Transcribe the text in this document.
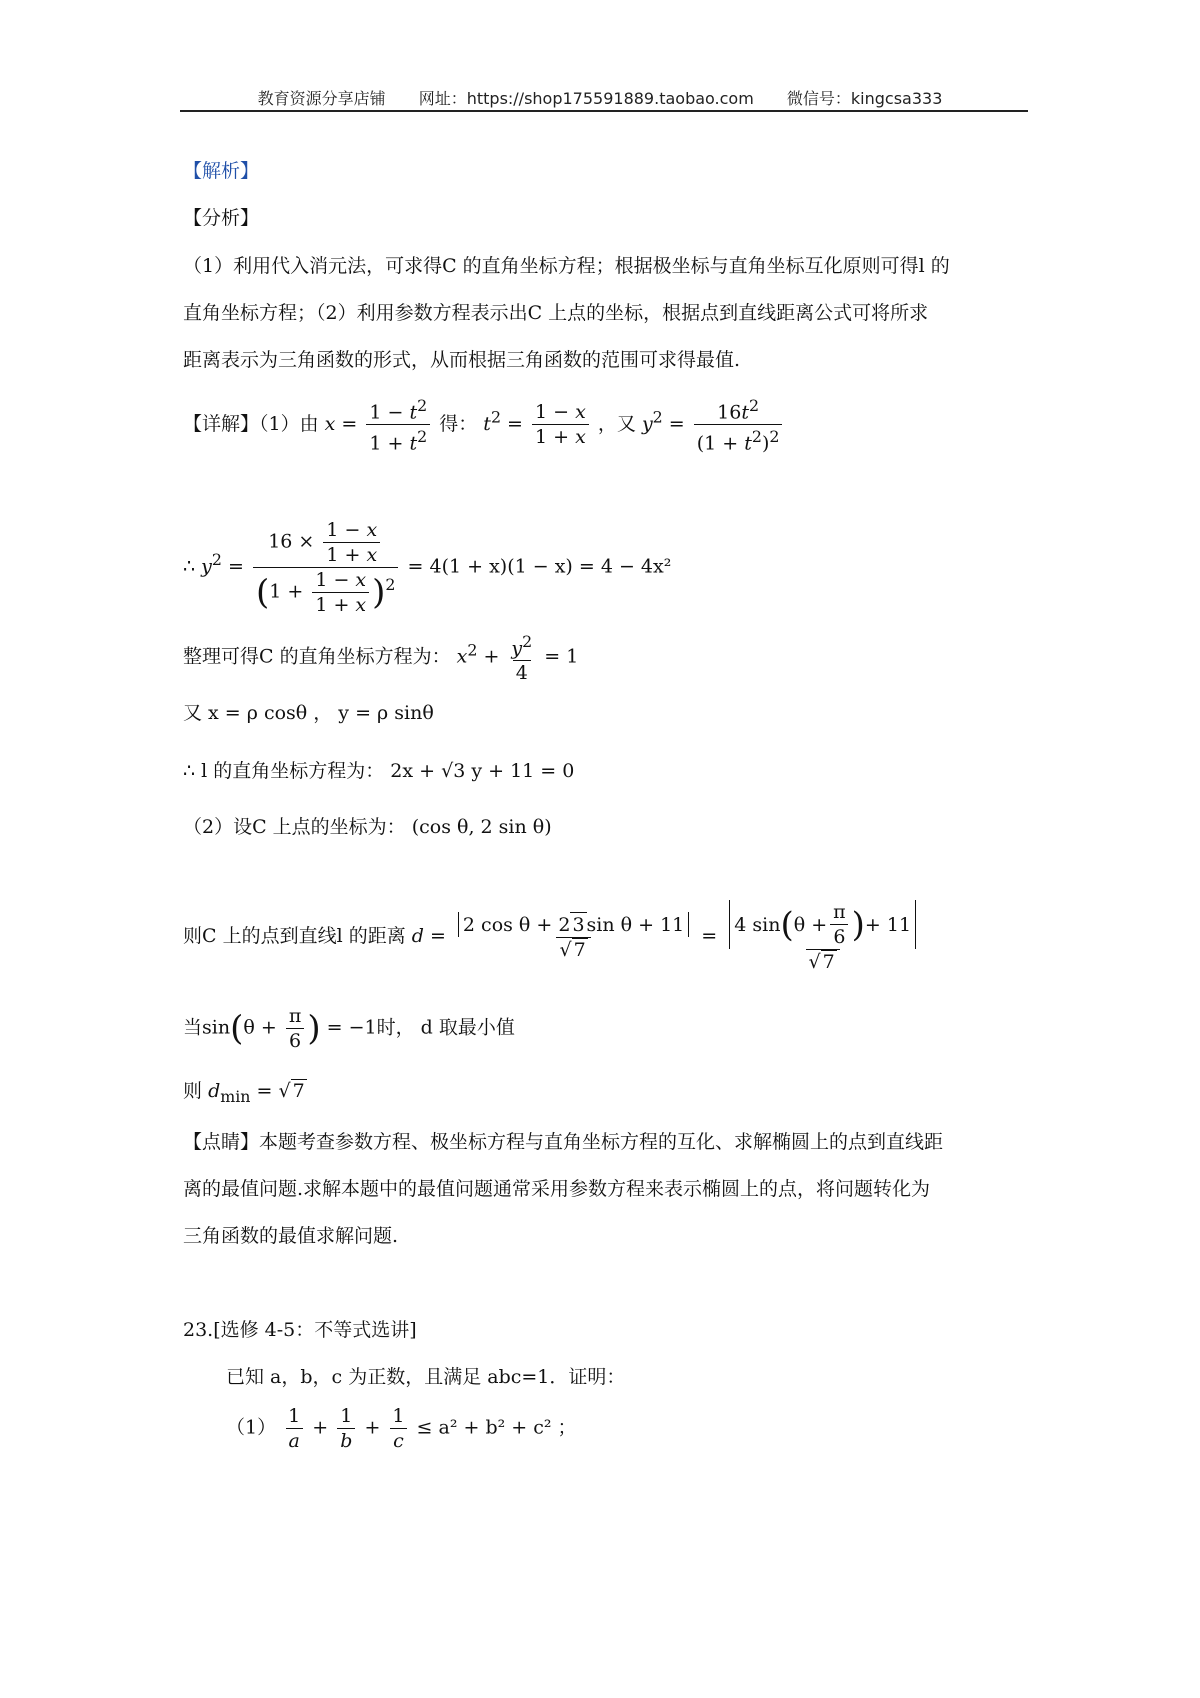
教育资源分享店铺 网址：https://shop175591889.taobao.com 微信号：kingcsa333
【解析】
【分析】
（1）利用代入消元法，可求得C 的直角坐标方程；根据极坐标与直角坐标互化原则可得l 的
直角坐标方程；（2）利用参数方程表示出C 上点的坐标，根据点到直线距离公式可将所求
距离表示为三角函数的形式，从而根据三角函数的范围可求得最值.
【详解】（1）由 $x = \frac{1 - t^2}{1 + t^2}$ 得： $t^2 = \frac{1 - x}{1 + x}$ ，又 $y^2 = \frac{16t^2}{(1 + t^2)^2}$
∴ $y^2 = \frac{16 \times \frac{1 - x}{1 + x}}{(1 + \frac{1 - x}{1 + x} )^2} = 4(1 + x)(1 - x) = 4 - 4x^2$
整理可得C 的直角坐标方程为： $x^2 + \frac{y^2}{4} = 1$
又 x = ρ cosθ ， y = ρ sinθ
∴ l 的直角坐标方程为： 2x + √3 y + 11 = 0
（2）设C 上点的坐标为： (cos θ, 2 sin θ)
则C 上的点到直线l 的距离 $d = \frac{\text{2 cos θ + 2 3 sin θ + 11}}{√ 7} = 4$ sin ( θ +
π
6 ) + 11
√ 7
当$\sin(\theta + \frac{\pi}{6}$ ) = −1时， d 取最小值
则 $d_{min}$ = √ 7
【点睛】本题考查参数方程、极坐标方程与直角坐标方程的互化、求解椭圆上的点到直线距
离的最值问题.求解本题中的最值问题通常采用参数方程来表示椭圆上的点，将问题转化为
三角函数的最值求解问题.
23.[选修 4-5：不等式选讲]
已知 a，b，c 为正数，且满足 abc=1．证明：
$(1) \frac{1}{a} + \frac{1}{b} + \frac{1}{c} \le a^2 + b^2 + c^2$ ；
